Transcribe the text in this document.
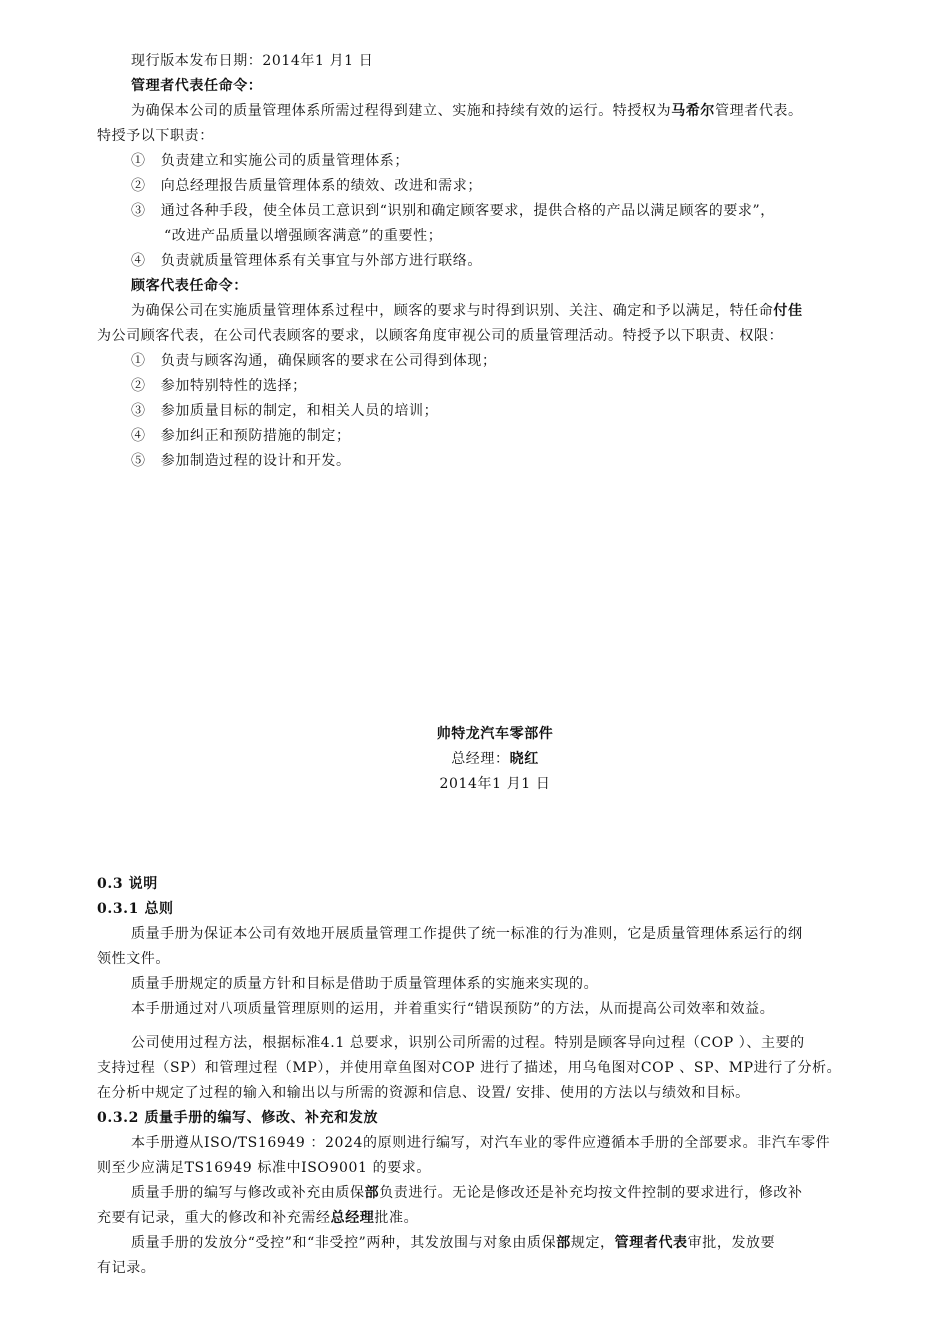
现行版本发布日期：2014年1 月1 日
管理者代表任命令：
为确保本公司的质量管理体系所需过程得到建立、实施和持续有效的运行。特授权为马希尔管理者代表。
特授予以下职责：
① 负责建立和实施公司的质量管理体系；
② 向总经理报告质量管理体系的绩效、改进和需求；
③ 通过各种手段，使全体员工意识到“识别和确定顾客要求，提供合格的产品以满足顾客的要求”，
“改进产品质量以增强顾客满意”的重要性；
④ 负责就质量管理体系有关事宜与外部方进行联络。
顾客代表任命令：
为确保公司在实施质量管理体系过程中，顾客的要求与时得到识别、关注、确定和予以满足，特任命付佳
为公司顾客代表，在公司代表顾客的要求，以顾客角度审视公司的质量管理活动。特授予以下职责、权限：
① 负责与顾客沟通，确保顾客的要求在公司得到体现；
② 参加特别特性的选择；
③ 参加质量目标的制定，和相关人员的培训；
④ 参加纠正和预防措施的制定；
⑤ 参加制造过程的设计和开发。
帅特龙汽车零部件
总经理：晓红
2014年1 月1 日
0.3 说明
0.3.1 总则
质量手册为保证本公司有效地开展质量管理工作提供了统一标准的行为准则，它是质量管理体系运行的纲
领性文件。
质量手册规定的质量方针和目标是借助于质量管理体系的实施来实现的。
本手册通过对八项质量管理原则的运用，并着重实行“错误预防”的方法，从而提高公司效率和效益。
公司使用过程方法，根据标准4.1 总要求，识别公司所需的过程。特别是顾客导向过程（COP ）、主要的
支持过程（SP）和管理过程（MP），并使用章鱼图对COP 进行了描述，用乌龟图对COP 、SP、MP进行了分析。
在分析中规定了过程的输入和输出以与所需的资源和信息、设置/ 安排、使用的方法以与绩效和目标。
0.3.2 质量手册的编写、修改、补充和发放
本手册遵从ISO/TS16949 ：2024的原则进行编写，对汽车业的零件应遵循本手册的全部要求。非汽车零件
则至少应满足TS16949 标准中ISO9001 的要求。
质量手册的编写与修改或补充由质保部负责进行。无论是修改还是补充均按文件控制的要求进行，修改补
充要有记录，重大的修改和补充需经总经理批准。
质量手册的发放分“受控”和“非受控”两种，其发放围与对象由质保部规定，管理者代表审批，发放要
有记录。
